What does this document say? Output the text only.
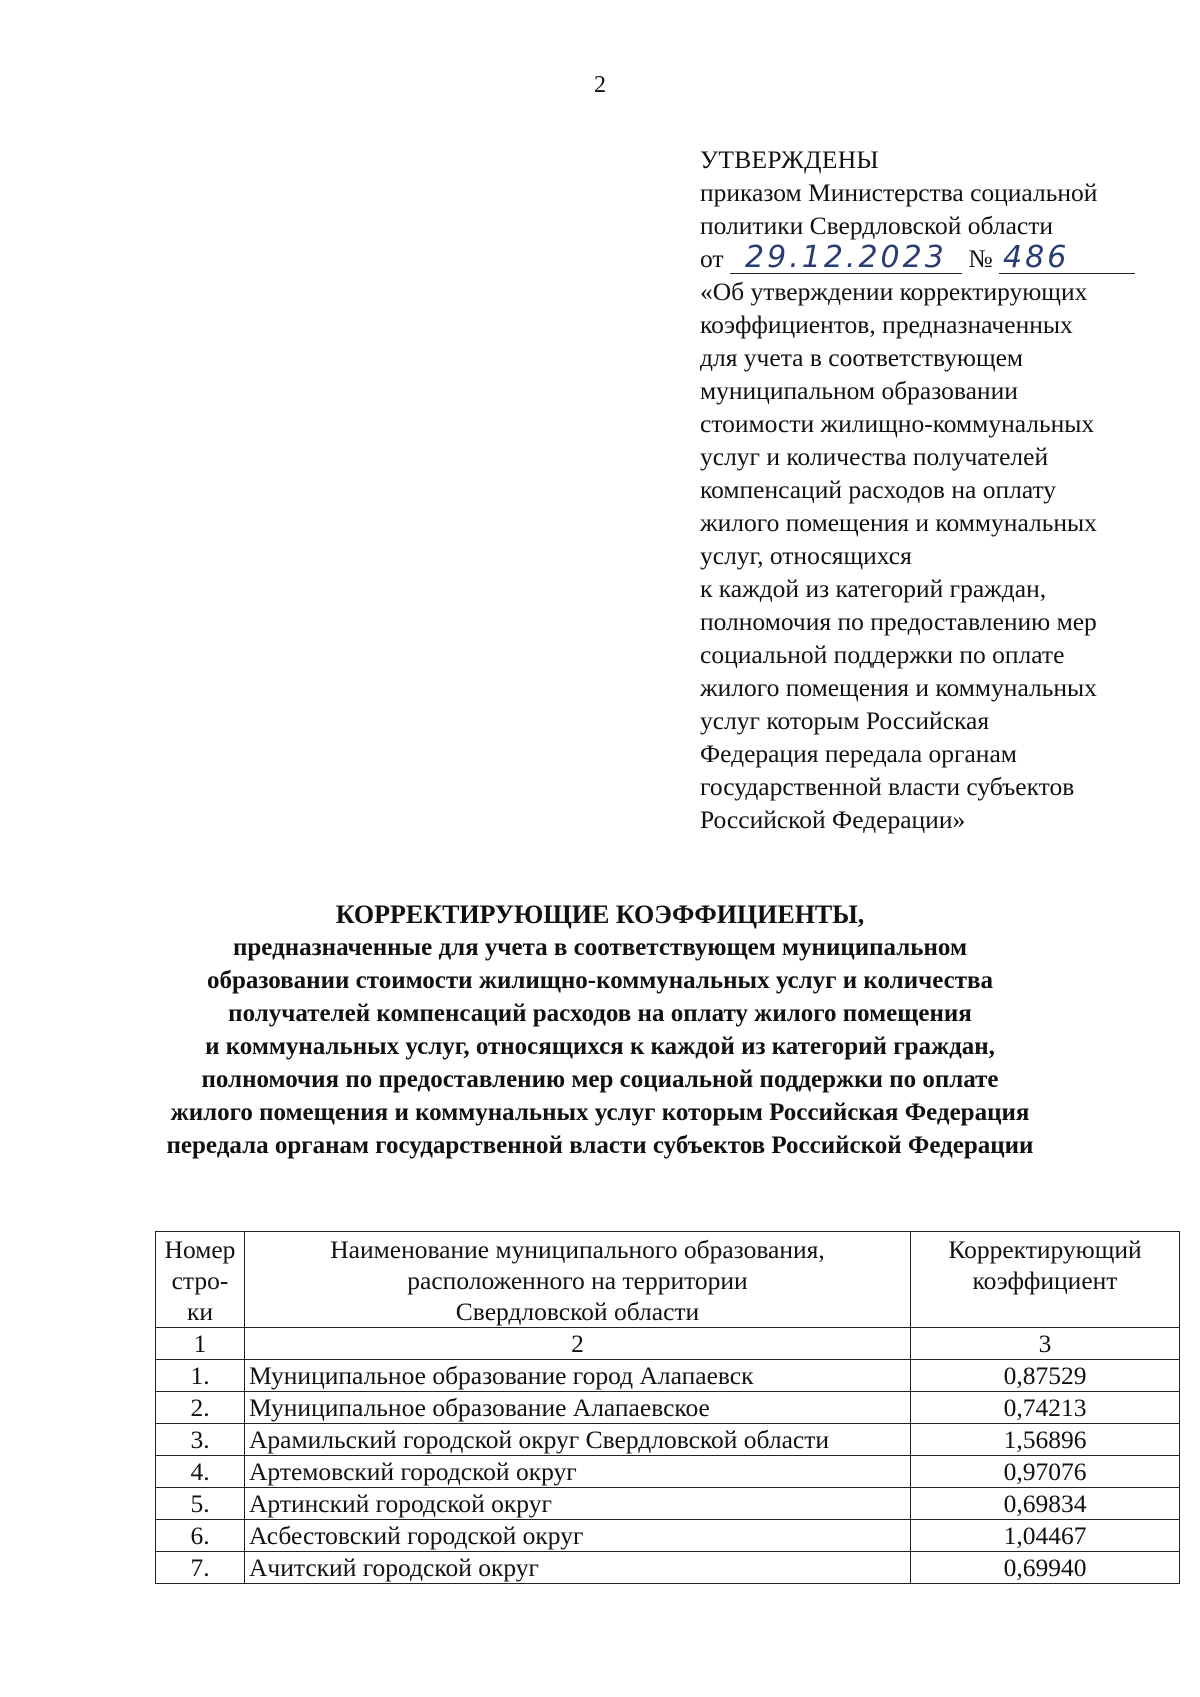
2
УТВЕРЖДЕНЫ
приказом Министерства социальной
политики Свердловской области
от 29.12.2023 № 486
«Об утверждении корректирующих
коэффициентов, предназначенных
для учета в соответствующем
муниципальном образовании
стоимости жилищно-коммунальных
услуг и количества получателей
компенсаций расходов на оплату
жилого помещения и коммунальных
услуг, относящихся
к каждой из категорий граждан,
полномочия по предоставлению мер
социальной поддержки по оплате
жилого помещения и коммунальных
услуг которым Российская
Федерация передала органам
государственной власти субъектов
Российской Федерации»
КОРРЕКТИРУЮЩИЕ КОЭФФИЦИЕНТЫ,
предназначенные для учета в соответствующем муниципальном
образовании стоимости жилищно-коммунальных услуг и количества
получателей компенсаций расходов на оплату жилого помещения
и коммунальных услуг, относящихся к каждой из категорий граждан,
полномочия по предоставлению мер социальной поддержки по оплате
жилого помещения и коммунальных услуг которым Российская Федерация
передала органам государственной власти субъектов Российской Федерации
Номер
стро-
ки	Наименование муниципального образования,
расположенного на территории
Свердловской области	Корректирующий
коэффициент

1	2	3
1.	Муниципальное образование город Алапаевск	0,87529
2.	Муниципальное образование Алапаевское	0,74213
3.	Арамильский городской округ Свердловской области	1,56896
4.	Артемовский городской округ	0,97076
5.	Артинский городской округ	0,69834
6.	Асбестовский городской округ	1,04467
7.	Ачитский городской округ	0,69940
